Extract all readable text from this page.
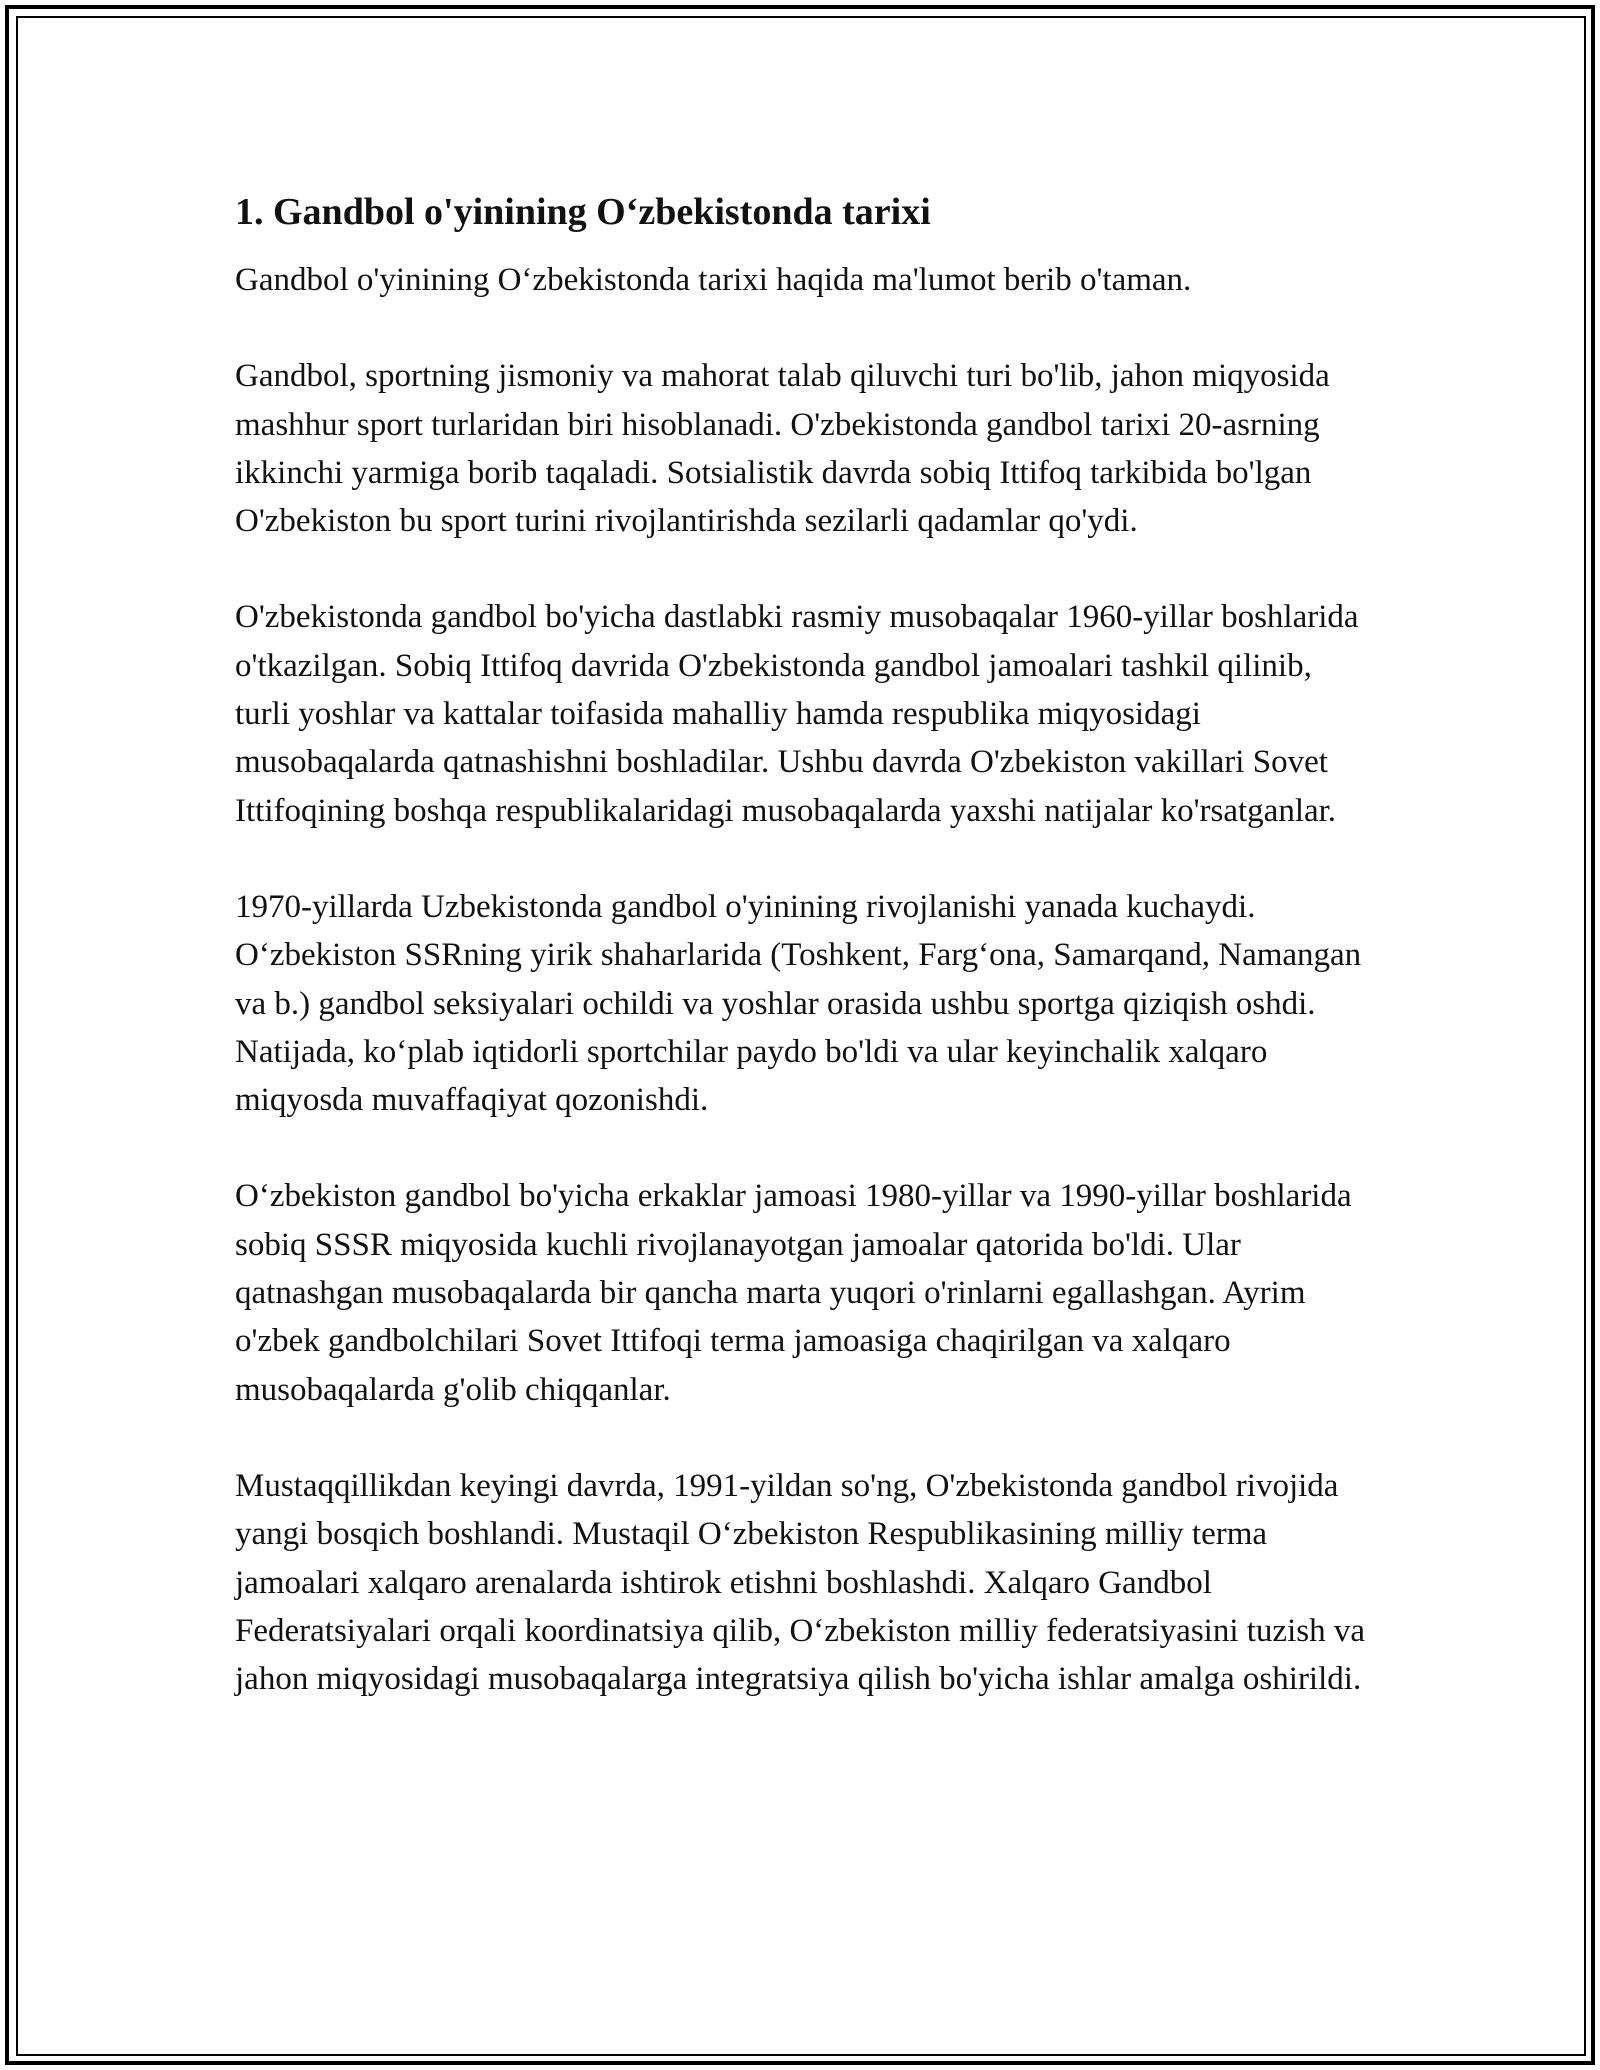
1. Gandbol o'yinining O‘zbekistonda tarixi

Gandbol o'yinining O‘zbekistonda tarixi haqida ma'lumot berib o'taman.

Gandbol, sportning jismoniy va mahorat talab qiluvchi turi bo'lib, jahon miqyosida mashhur sport turlaridan biri hisoblanadi. O'zbekistonda gandbol tarixi 20-asrning ikkinchi yarmiga borib taqaladi. Sotsialistik davrda sobiq Ittifoq tarkibida bo'lgan O'zbekiston bu sport turini rivojlantirishda sezilarli qadamlar qo'ydi.

O'zbekistonda gandbol bo'yicha dastlabki rasmiy musobaqalar 1960-yillar boshlarida o'tkazilgan. Sobiq Ittifoq davrida O'zbekistonda gandbol jamoalari tashkil qilinib, turli yoshlar va kattalar toifasida mahalliy hamda respublika miqyosidagi musobaqalarda qatnashishni boshladilar. Ushbu davrda O'zbekiston vakillari Sovet Ittifoqining boshqa respublikalaridagi musobaqalarda yaxshi natijalar ko'rsatganlar.

1970-yillarda Uzbekistonda gandbol o'yinining rivojlanishi yanada kuchaydi. O‘zbekiston SSRning yirik shaharlarida (Toshkent, Farg‘ona, Samarqand, Namangan va b.) gandbol seksiyalari ochildi va yoshlar orasida ushbu sportga qiziqish oshdi. Natijada, ko‘plab iqtidorli sportchilar paydo bo'ldi va ular keyinchalik xalqaro miqyosda muvaffaqiyat qozonishdi.

O‘zbekiston gandbol bo'yicha erkaklar jamoasi 1980-yillar va 1990-yillar boshlarida sobiq SSSR miqyosida kuchli rivojlanayotgan jamoalar qatorida bo'ldi. Ular qatnashgan musobaqalarda bir qancha marta yuqori o'rinlarni egallashgan. Ayrim o'zbek gandbolchilari Sovet Ittifoqi terma jamoasiga chaqirilgan va xalqaro musobaqalarda g'olib chiqqanlar.

Mustaqqillikdan keyingi davrda, 1991-yildan so'ng, O'zbekistonda gandbol rivojida yangi bosqich boshlandi. Mustaqil O‘zbekiston Respublikasining milliy terma jamoalari xalqaro arenalarda ishtirok etishni boshlashdi. Xalqaro Gandbol Federatsiyalari orqali koordinatsiya qilib, O‘zbekiston milliy federatsiyasini tuzish va jahon miqyosidagi musobaqalarga integratsiya qilish bo'yicha ishlar amalga oshirildi.
